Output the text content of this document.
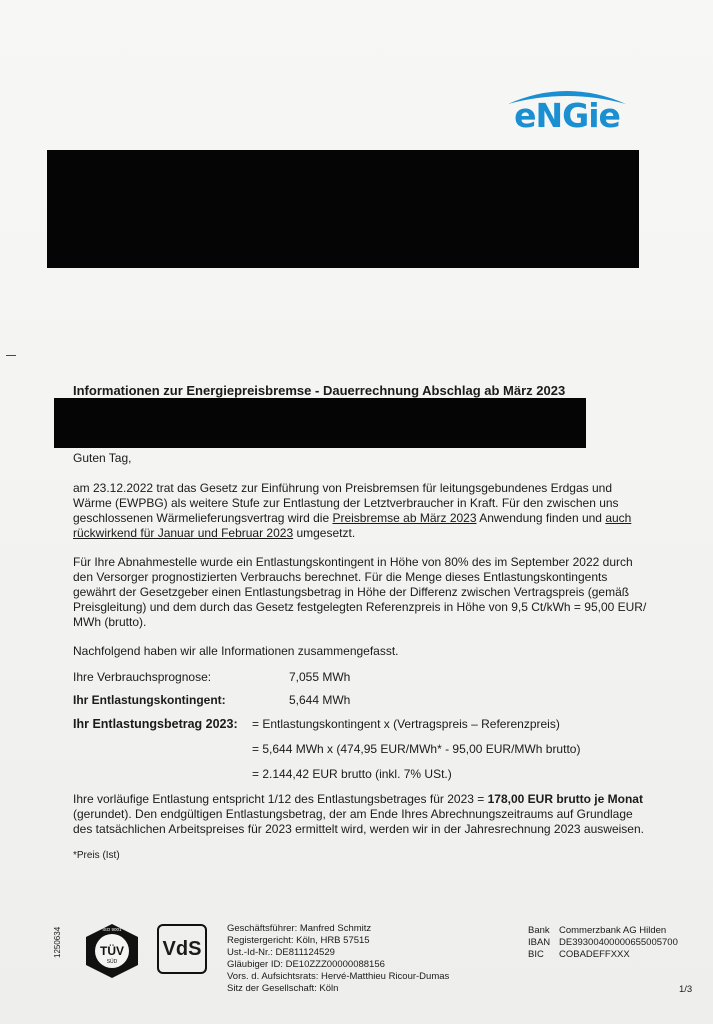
eNGie
Informationen zur Energiepreisbremse - Dauerrechnung Abschlag ab März 2023
Guten Tag,
am 23.12.2022 trat das Gesetz zur Einführung von Preisbremsen für leitungsgebundenes Erdgas und
Wärme (EWPBG) als weitere Stufe zur Entlastung der Letztverbraucher in Kraft. Für den zwischen uns
geschlossenen Wärmelieferungsvertrag wird die Preisbremse ab März 2023 Anwendung finden und auch
rückwirkend für Januar und Februar 2023 umgesetzt.
Für Ihre Abnahmestelle wurde ein Entlastungskontingent in Höhe von 80% des im September 2022 durch
den Versorger prognostizierten Verbrauchs berechnet. Für die Menge dieses Entlastungskontingents
gewährt der Gesetzgeber einen Entlastungsbetrag in Höhe der Differenz zwischen Vertragspreis (gemäß
Preisgleitung) und dem durch das Gesetz festgelegten Referenzpreis in Höhe von 9,5 Ct/kWh = 95,00 EUR/
MWh (brutto).
Nachfolgend haben wir alle Informationen zusammengefasst.
Ihre Verbrauchsprognose:	7,055 MWh
Ihr Entlastungskontingent:	5,644 MWh
Ihr Entlastungsbetrag 2023: = Entlastungskontingent x (Vertragspreis – Referenzpreis)
= 5,644 MWh x (474,95 EUR/MWh* - 95,00 EUR/MWh brutto)
= 2.144,42 EUR brutto (inkl. 7% USt.)
Ihre vorläufige Entlastung entspricht 1/12 des Entlastungsbetrages für 2023 = 178,00 EUR brutto je Monat
(gerundet). Den endgültigen Entlastungsbetrag, der am Ende Ihres Abrechnungszeitraums auf Grundlage
des tatsächlichen Arbeitspreises für 2023 ermittelt wird, werden wir in der Jahresrechnung 2023 ausweisen.
*Preis (Ist)
1250634	ISO 9001
TÜV
SÜD
VdS
Geschäftsführer: Manfred Schmitz
Registergericht: Köln, HRB 57515
Ust.-Id-Nr.: DE811124529
Gläubiger ID: DE10ZZZ00000088156
Vors. d. Aufsichtsrats: Hervé-Matthieu Ricour-Dumas
Sitz der Gesellschaft: Köln
Bank Commerzbank AG Hilden
IBAN DE39300400000655005700
BIC COBADEFFXXX
1/3
